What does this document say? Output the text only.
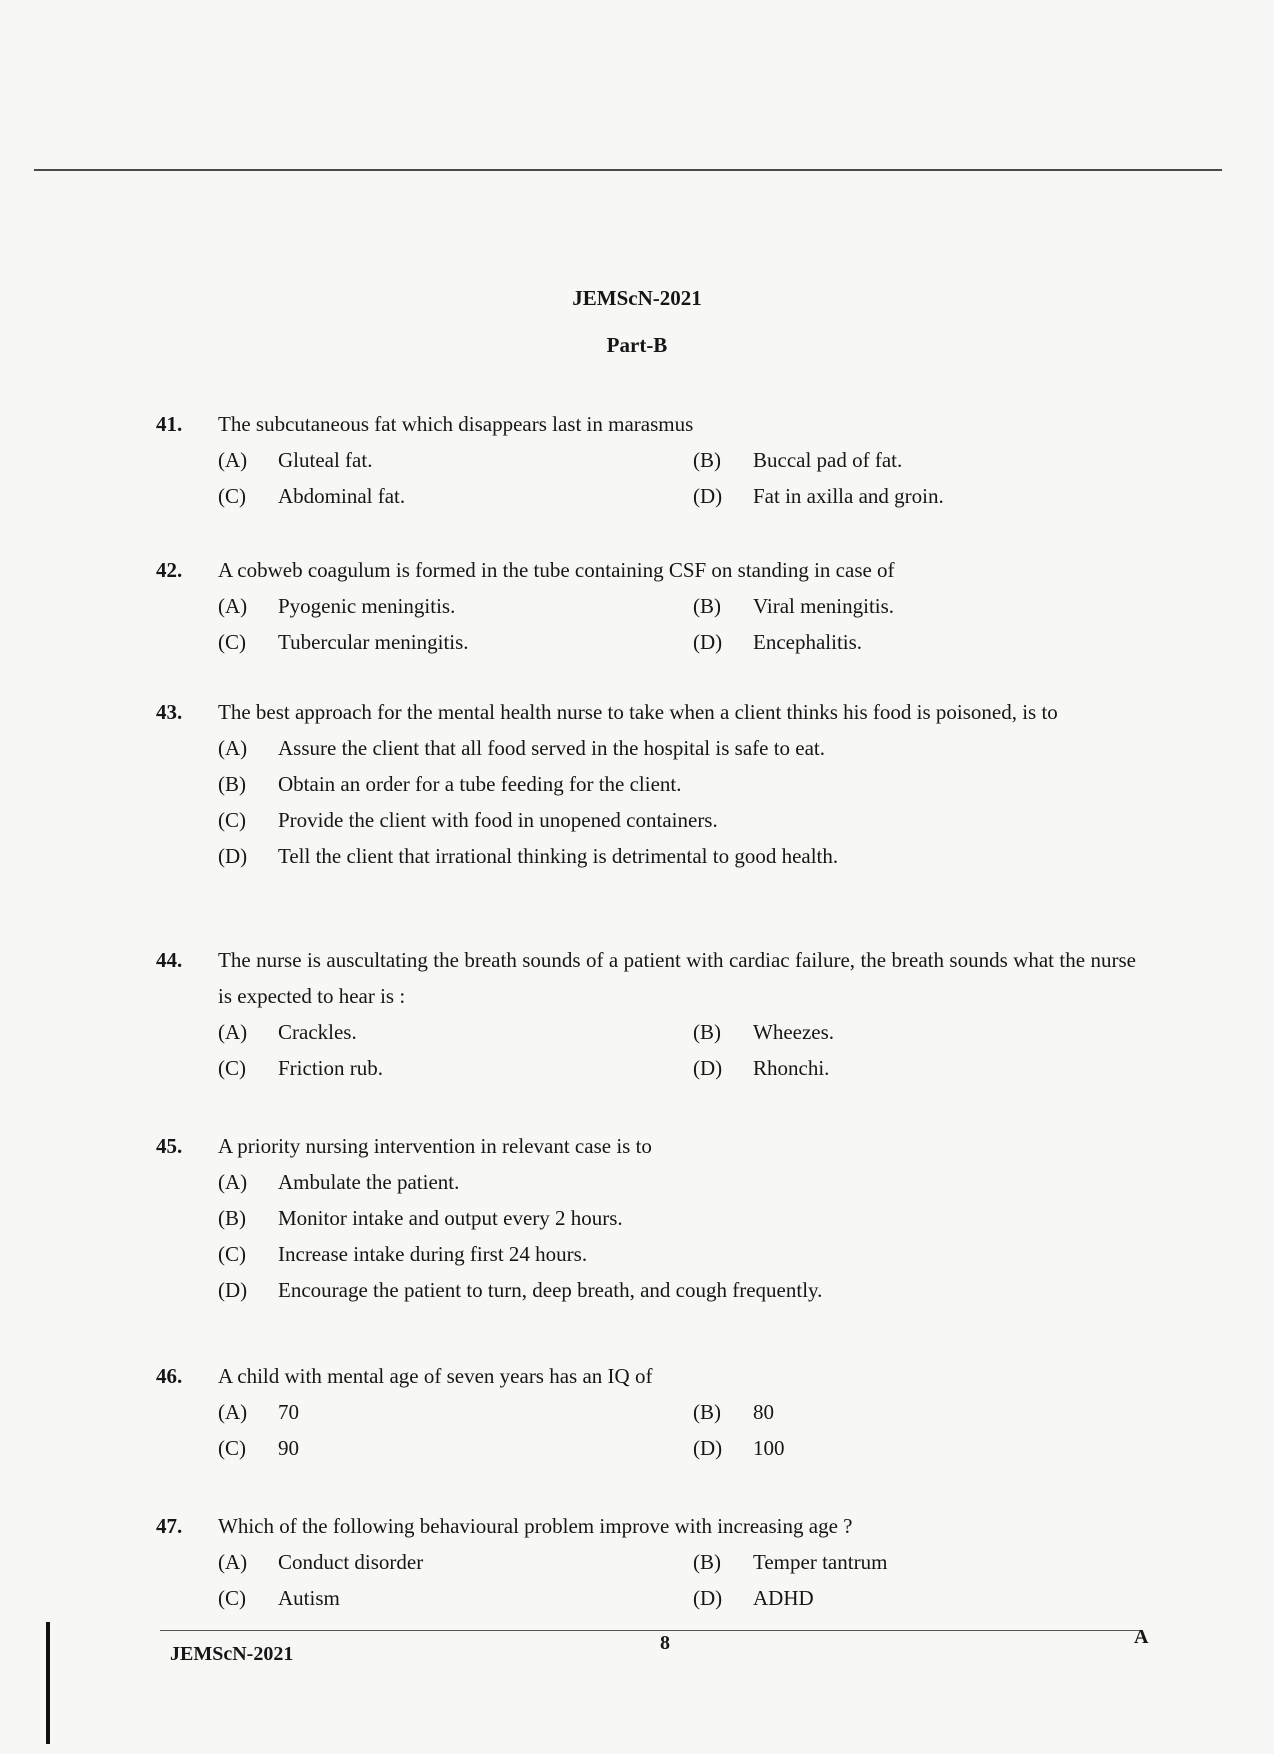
JEMScN-2021
Part-B
41.	The subcutaneous fat which disappears last in marasmus
(A)	Gluteal fat.	(B)	Buccal pad of fat.
(C)	Abdominal fat.	(D)	Fat in axilla and groin.
42.	A cobweb coagulum is formed in the tube containing CSF on standing in case of
(A)	Pyogenic meningitis.	(B)	Viral meningitis.
(C)	Tubercular meningitis.	(D)	Encephalitis.
43.	The best approach for the mental health nurse to take when a client thinks his food is poisoned, is to
(A)	Assure the client that all food served in the hospital is safe to eat.
(B)	Obtain an order for a tube feeding for the client.
(C)	Provide the client with food in unopened containers.
(D)	Tell the client that irrational thinking is detrimental to good health.
44.	The nurse is auscultating the breath sounds of a patient with cardiac failure, the breath sounds what the nurse is expected to hear is :
(A)	Crackles.	(B)	Wheezes.
(C)	Friction rub.	(D)	Rhonchi.
45.	A priority nursing intervention in relevant case is to
(A)	Ambulate the patient.
(B)	Monitor intake and output every 2 hours.
(C)	Increase intake during first 24 hours.
(D)	Encourage the patient to turn, deep breath, and cough frequently.
46.	A child with mental age of seven years has an IQ of
(A)	70	(B)	80
(C)	90	(D)	100
47.	Which of the following behavioural problem improve with increasing age ?
(A)	Conduct disorder	(B)	Temper tantrum
(C)	Autism	(D)	ADHD
JEMScN-2021	8	A
